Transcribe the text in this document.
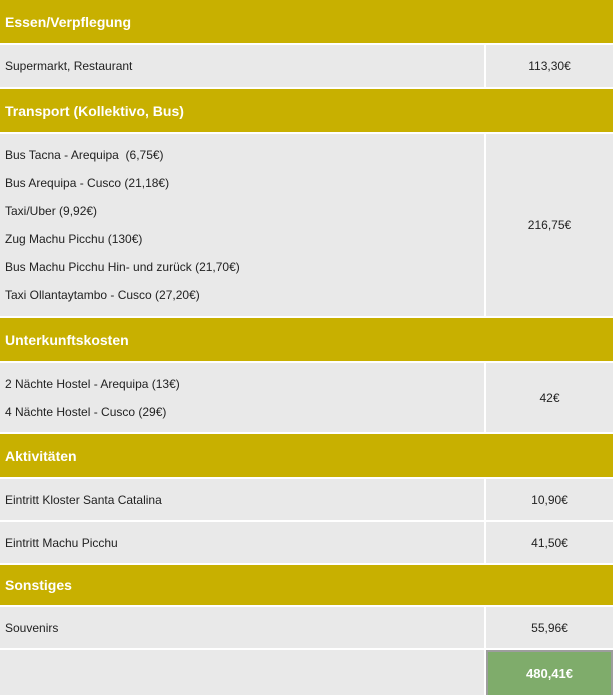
Essen/Verpflegung
Supermarkt, Restaurant	113,30€
Transport (Kollektivo, Bus)
Bus Tacna - Arequipa  (6,75€)
Bus Arequipa - Cusco (21,18€)
Taxi/Uber (9,92€)
Zug Machu Picchu (130€)
Bus Machu Picchu Hin- und zurück (21,70€)
Taxi Ollantaytambo - Cusco (27,20€)
216,75€
Unterkunftskosten
2 Nächte Hostel - Arequipa (13€)
4 Nächte Hostel - Cusco (29€)
42€
Aktivitäten
Eintritt Kloster Santa Catalina	10,90€
Eintritt Machu Picchu	41,50€
Sonstiges
Souvenirs	55,96€
480,41€
